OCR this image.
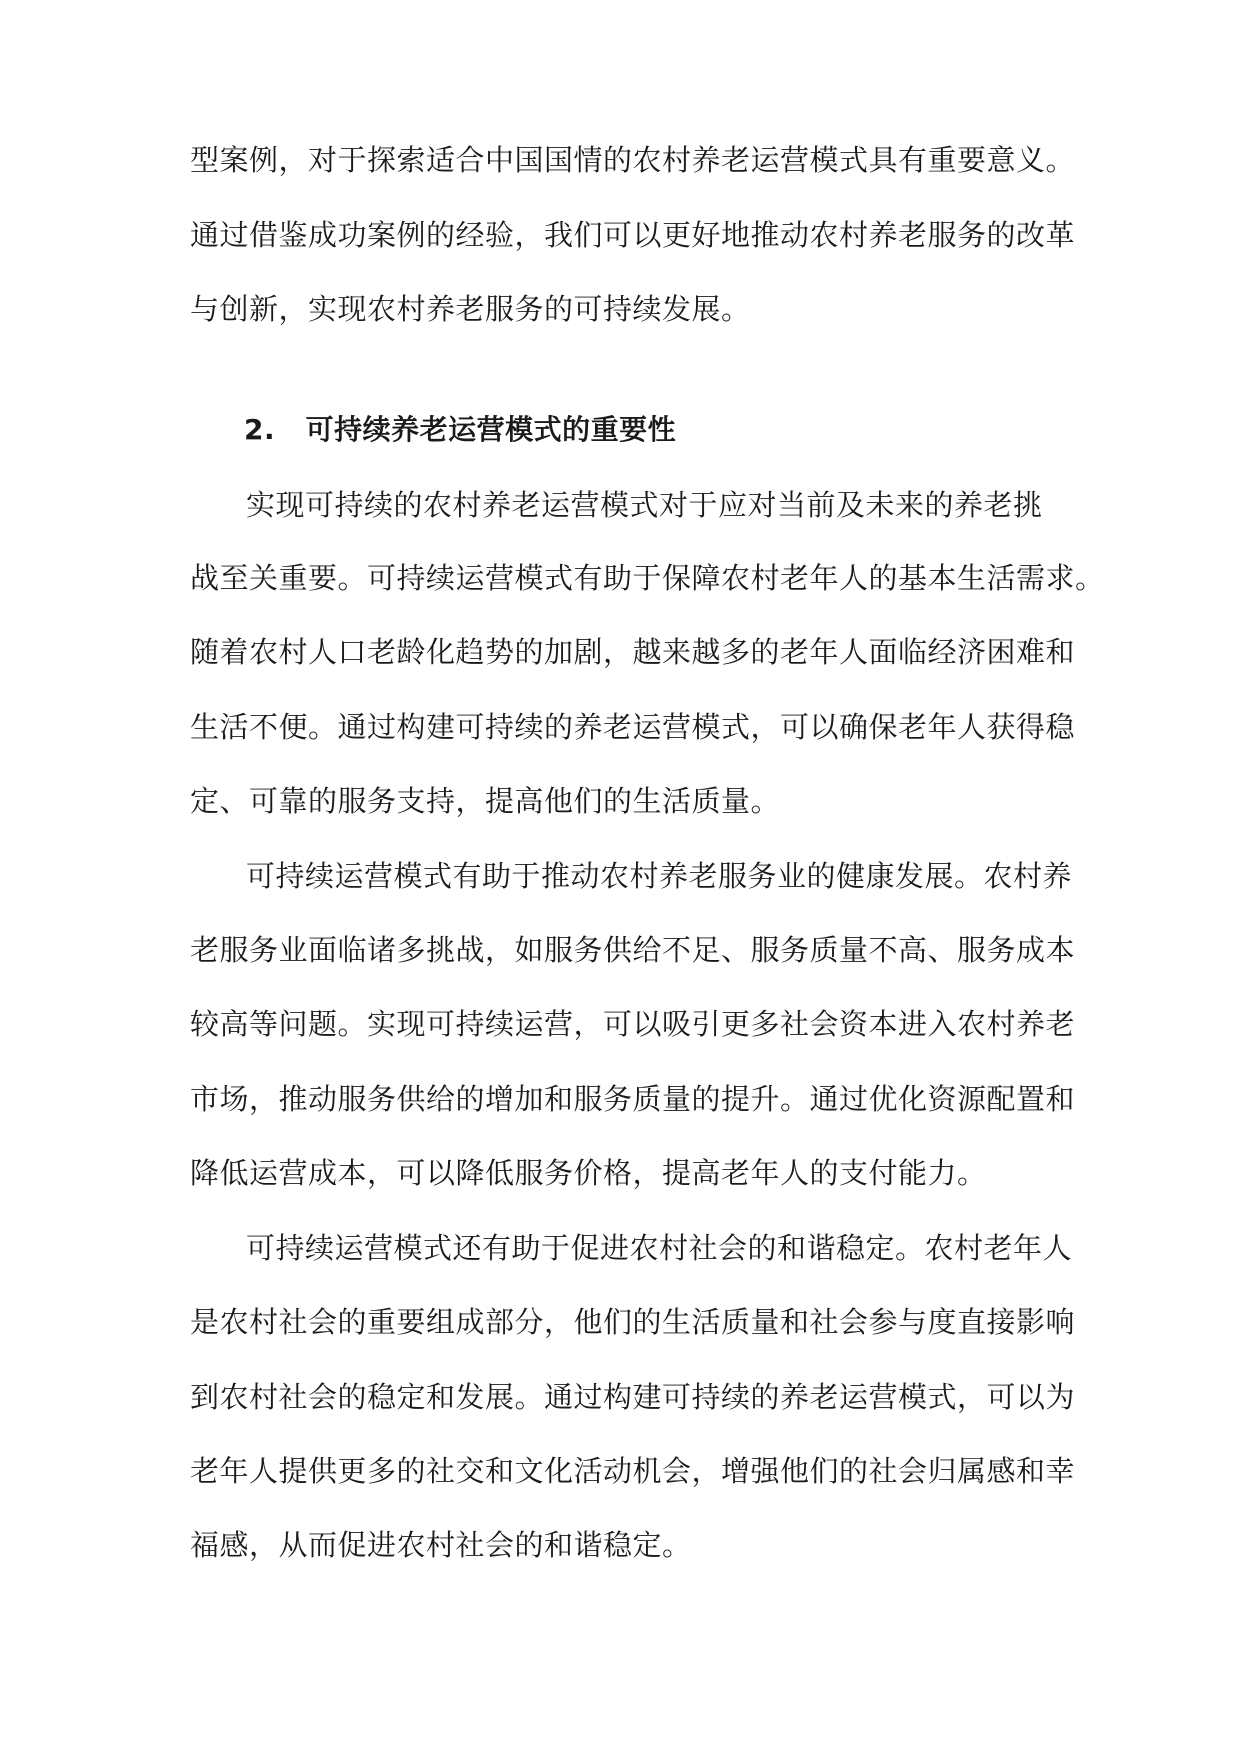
型案例，对于探索适合中国国情的农村养老运营模式具有重要意义。
通过借鉴成功案例的经验，我们可以更好地推动农村养老服务的改革
与创新，实现农村养老服务的可持续发展。
2. 可持续养老运营模式的重要性
实现可持续的农村养老运营模式对于应对当前及未来的养老挑
战至关重要。可持续运营模式有助于保障农村老年人的基本生活需求。
随着农村人口老龄化趋势的加剧，越来越多的老年人面临经济困难和
生活不便。通过构建可持续的养老运营模式，可以确保老年人获得稳
定、可靠的服务支持，提高他们的生活质量。
可持续运营模式有助于推动农村养老服务业的健康发展。农村养
老服务业面临诸多挑战，如服务供给不足、服务质量不高、服务成本
较高等问题。实现可持续运营，可以吸引更多社会资本进入农村养老
市场，推动服务供给的增加和服务质量的提升。通过优化资源配置和
降低运营成本，可以降低服务价格，提高老年人的支付能力。
可持续运营模式还有助于促进农村社会的和谐稳定。农村老年人
是农村社会的重要组成部分，他们的生活质量和社会参与度直接影响
到农村社会的稳定和发展。通过构建可持续的养老运营模式，可以为
老年人提供更多的社交和文化活动机会，增强他们的社会归属感和幸
福感，从而促进农村社会的和谐稳定。
